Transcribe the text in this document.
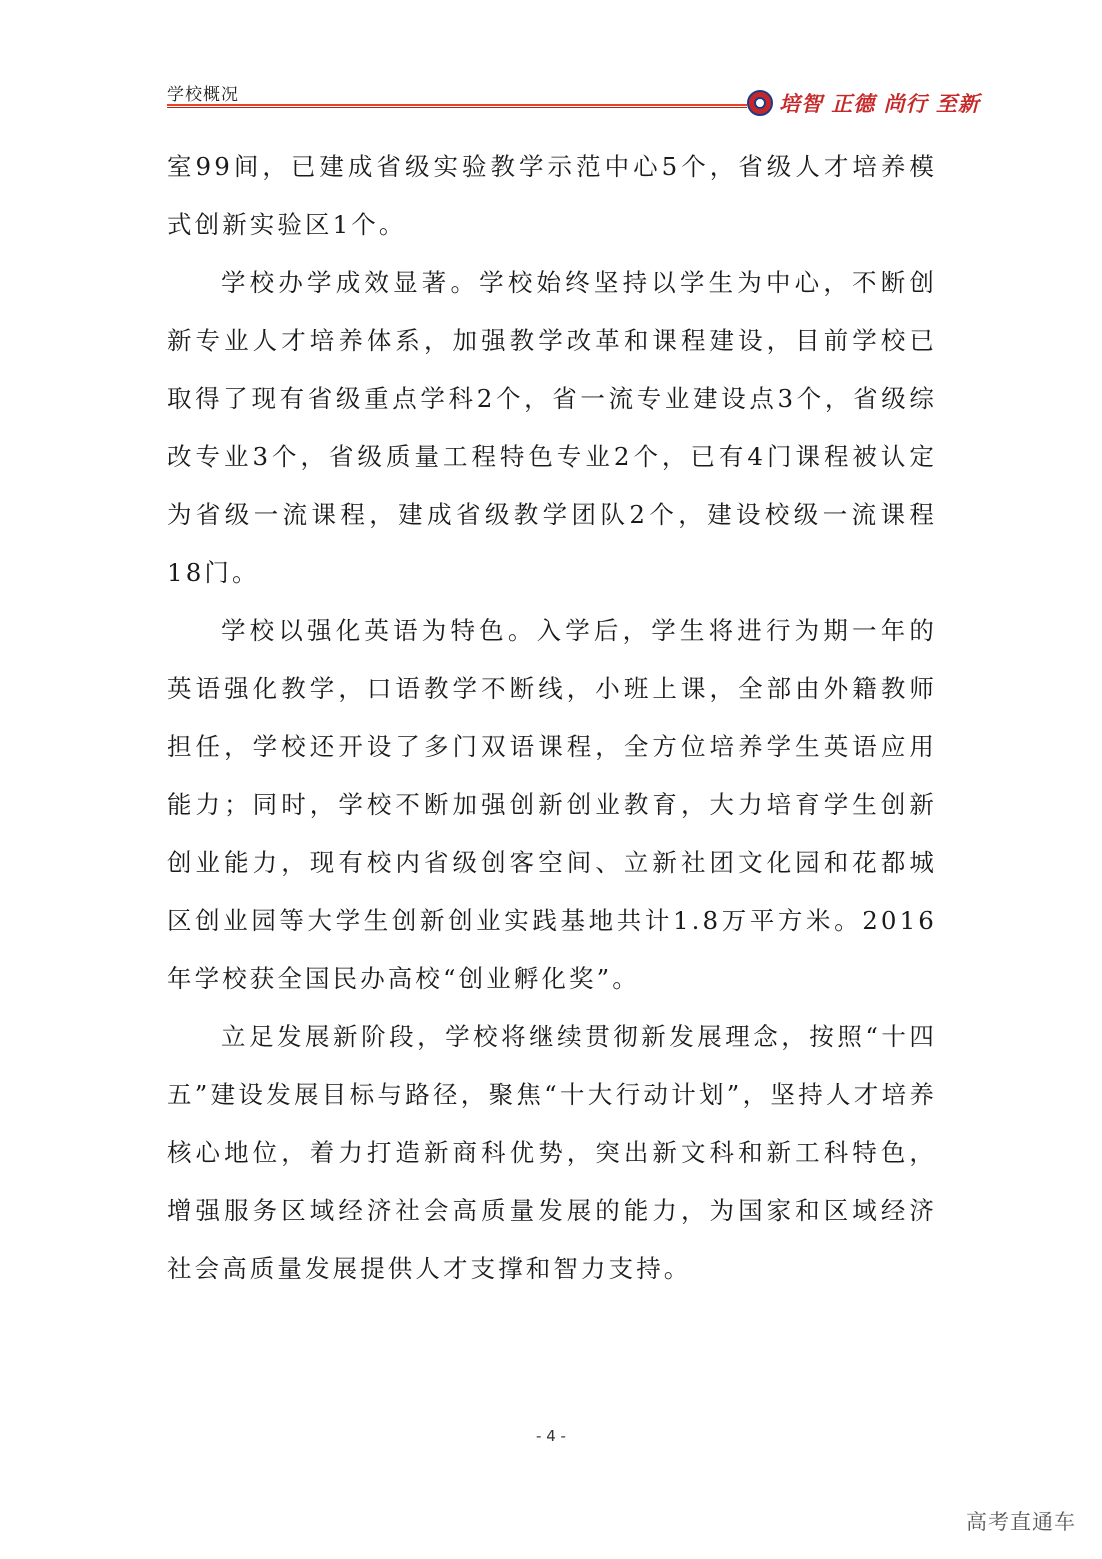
学校概况	培智 正德 尚行 至新

室99间，已建成省级实验教学示范中心5个，省级人才培养模式创新实验区1个。

学校办学成效显著。学校始终坚持以学生为中心，不断创新专业人才培养体系，加强教学改革和课程建设，目前学校已取得了现有省级重点学科2个，省一流专业建设点3个，省级综改专业3个，省级质量工程特色专业2个，已有4门课程被认定为省级一流课程，建成省级教学团队2个，建设校级一流课程18门。

学校以强化英语为特色。入学后，学生将进行为期一年的英语强化教学，口语教学不断线，小班上课，全部由外籍教师担任，学校还开设了多门双语课程，全方位培养学生英语应用能力；同时，学校不断加强创新创业教育，大力培育学生创新创业能力，现有校内省级创客空间、立新社团文化园和花都城区创业园等大学生创新创业实践基地共计1.8万平方米。2016年学校获全国民办高校“创业孵化奖”。

立足发展新阶段，学校将继续贯彻新发展理念，按照“十四五”建设发展目标与路径，聚焦“十大行动计划”，坚持人才培养核心地位，着力打造新商科优势，突出新文科和新工科特色，增强服务区域经济社会高质量发展的能力，为国家和区域经济社会高质量发展提供人才支撑和智力支持。

- 4 -
高考直通车
